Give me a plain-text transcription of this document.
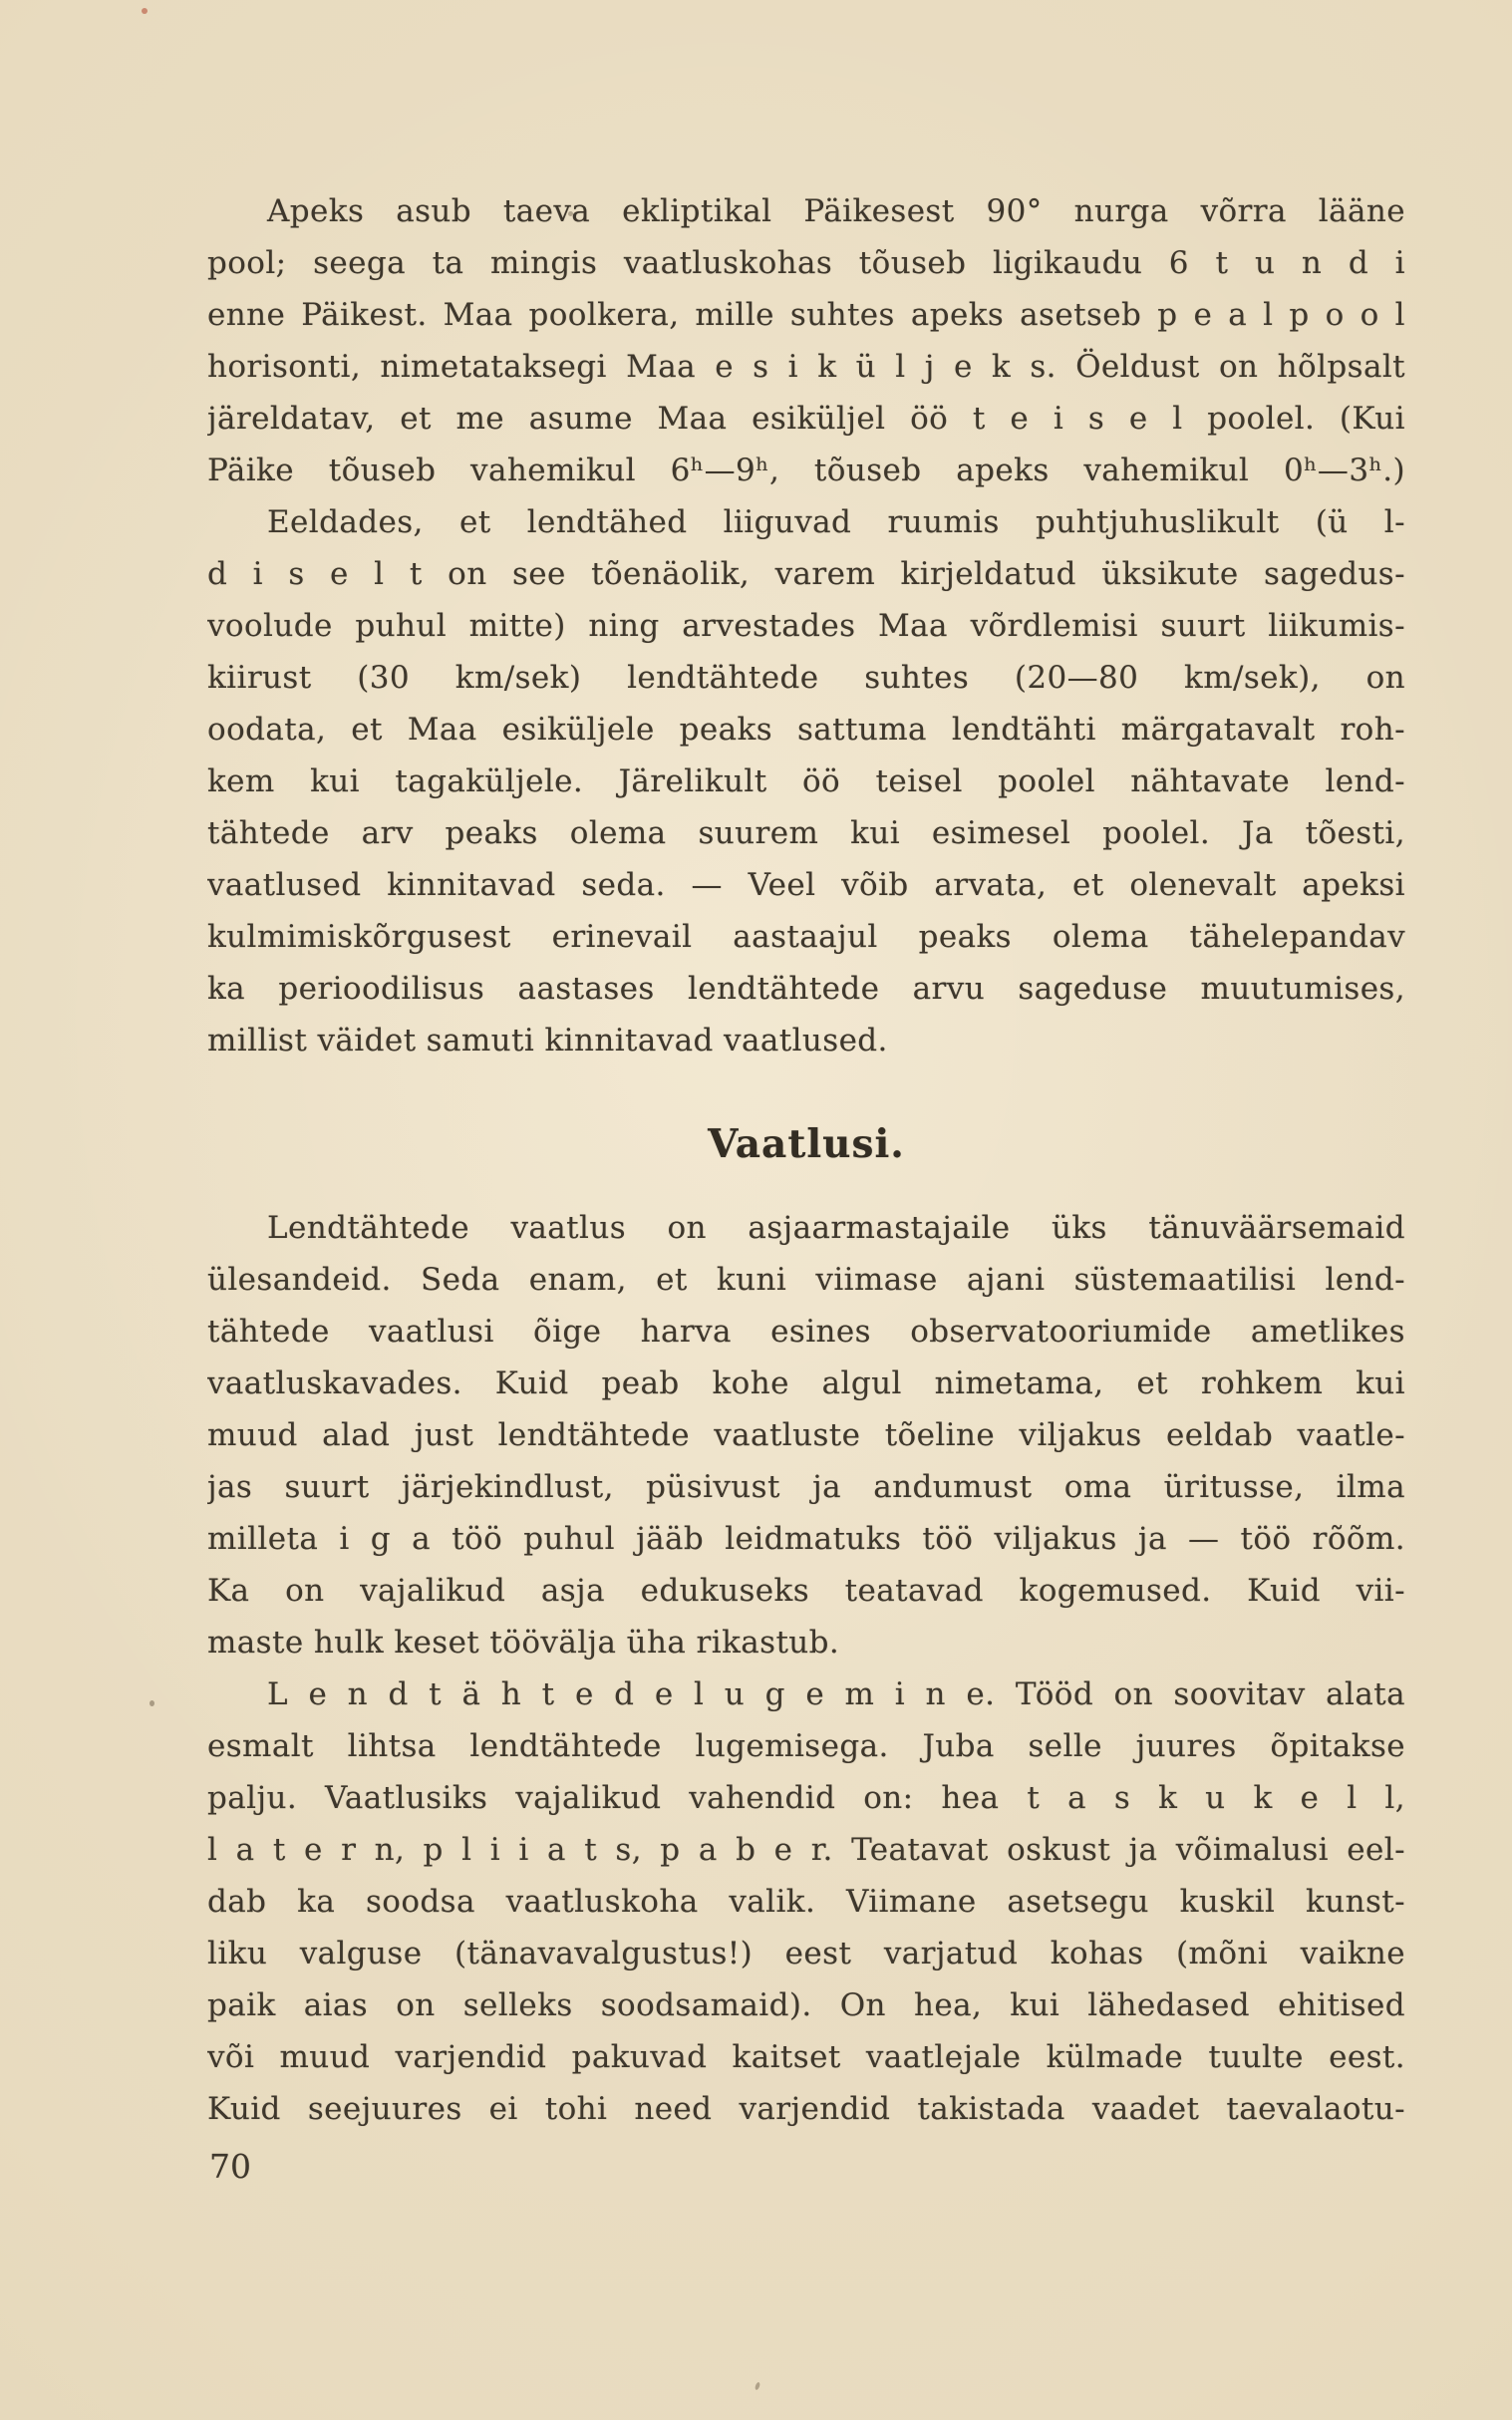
Apeks asub taeva ekliptikal Päikesest 90° nurga võrra lääne
pool; seega ta mingis vaatluskohas tõuseb ligikaudu 6 t u n d i
enne Päikest. Maa poolkera, mille suhtes apeks asetseb p e a l p o o l
horisonti, nimetataksegi Maa e s i k ü l j e k s. Öeldust on hõlpsalt
järeldatav, et me asume Maa esiküljel öö t e i s e l poolel. (Kui
Päike tõuseb vahemikul 6ʰ—9ʰ, tõuseb apeks vahemikul 0ʰ—3ʰ.)
Eeldades, et lendtähed liiguvad ruumis puhtjuhuslikult (ü l-
d i s e l t on see tõenäolik, varem kirjeldatud üksikute sagedus-
voolude puhul mitte) ning arvestades Maa võrdlemisi suurt liikumis-
kiirust (30 km/sek) lendtähtede suhtes (20—80 km/sek), on
oodata, et Maa esiküljele peaks sattuma lendtähti märgatavalt roh-
kem kui tagaküljele. Järelikult öö teisel poolel nähtavate lend-
tähtede arv peaks olema suurem kui esimesel poolel. Ja tõesti,
vaatlused kinnitavad seda. — Veel võib arvata, et olenevalt apeksi
kulmimiskõrgusest erinevail aastaajul peaks olema tähelepandav
ka perioodilisus aastases lendtähtede arvu sageduse muutumises,
millist väidet samuti kinnitavad vaatlused.
Vaatlusi.
Lendtähtede vaatlus on asjaarmastajaile üks tänuväärsemaid
ülesandeid. Seda enam, et kuni viimase ajani süstemaatilisi lend-
tähtede vaatlusi õige harva esines observatooriumide ametlikes
vaatluskavades. Kuid peab kohe algul nimetama, et rohkem kui
muud alad just lendtähtede vaatluste tõeline viljakus eeldab vaatle-
jas suurt järjekindlust, püsivust ja andumust oma üritusse, ilma
milleta i g a töö puhul jääb leidmatuks töö viljakus ja — töö rõõm.
Ka on vajalikud asja edukuseks teatavad kogemused. Kuid vii-
maste hulk keset töövälja üha rikastub.
L e n d t ä h t e d e l u g e m i n e. Tööd on soovitav alata
esmalt lihtsa lendtähtede lugemisega. Juba selle juures õpitakse
palju. Vaatlusiks vajalikud vahendid on: hea t a s k u k e l l,
l a t e r n, p l i i a t s, p a b e r. Teatavat oskust ja võimalusi eel-
dab ka soodsa vaatluskoha valik. Viimane asetsegu kuskil kunst-
liku valguse (tänavavalgustus!) eest varjatud kohas (mõni vaikne
paik aias on selleks soodsamaid). On hea, kui lähedased ehitised
või muud varjendid pakuvad kaitset vaatlejale külmade tuulte eest.
Kuid seejuures ei tohi need varjendid takistada vaadet taevalaotu-
70
